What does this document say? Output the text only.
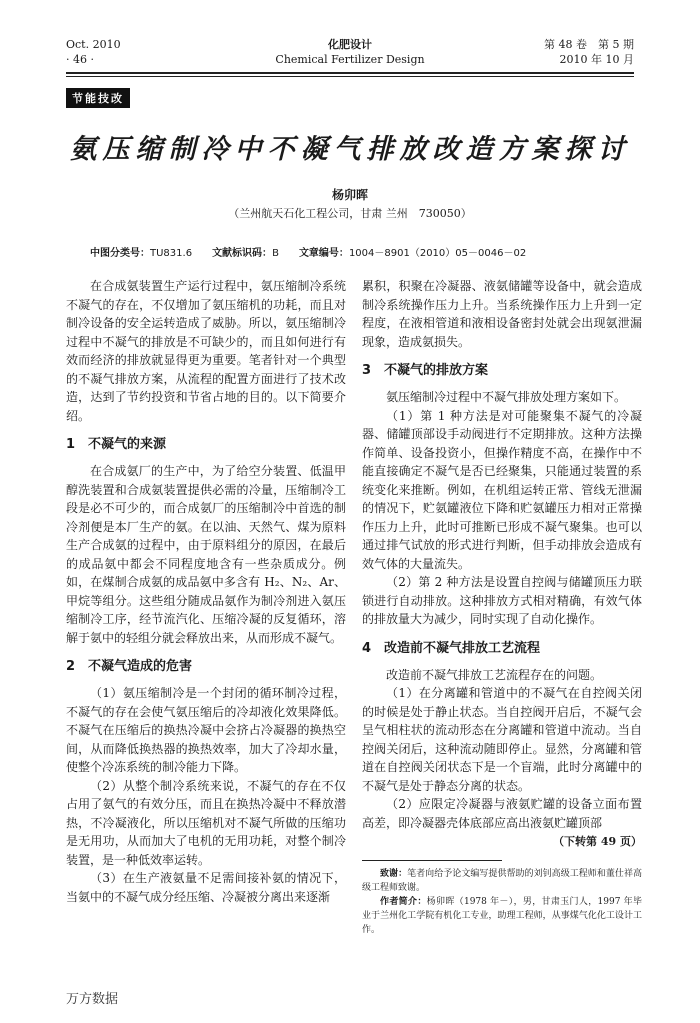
Oct. 2010
· 46 ·
化肥设计
Chemical Fertilizer Design
第 48 卷　第 5 期
2010 年 10 月
节能技改
氨压缩制冷中不凝气排放改造方案探讨
杨卯晖
（兰州航天石化工程公司，甘肃 兰州　730050）
中图分类号：TU831.6 文献标识码：B 文章编号：1004－8901（2010）05－0046－02

在合成氨装置生产运行过程中，氨压缩制冷系统不凝气的存在，不仅增加了氨压缩机的功耗，而且对制冷设备的安全运转造成了威胁。所以，氨压缩制冷过程中不凝气的排放是不可缺少的，而且如何进行有效而经济的排放就显得更为重要。笔者针对一个典型的不凝气排放方案，从流程的配置方面进行了技术改造，达到了节约投资和节省占地的目的。以下简要介绍。

1 不凝气的来源

在合成氨厂的生产中，为了给空分装置、低温甲醇洗装置和合成氨装置提供必需的冷量，压缩制冷工段是必不可少的，而合成氨厂的压缩制冷中首选的制冷剂便是本厂生产的氨。在以油、天然气、煤为原料生产合成氨的过程中，由于原料组分的原因，在最后的成品氨中都会不同程度地含有一些杂质成分。例如，在煤制合成氨的成品氨中多含有 H₂、N₂、Ar、甲烷等组分。这些组分随成品氨作为制冷剂进入氨压缩制冷工序，经节流汽化、压缩冷凝的反复循环，溶解于氨中的轻组分就会释放出来，从而形成不凝气。

2 不凝气造成的危害

（1）氨压缩制冷是一个封闭的循环制冷过程，不凝气的存在会使气氨压缩后的冷却液化效果降低。不凝气在压缩后的换热冷凝中会挤占冷凝器的换热空间，从而降低换热器的换热效率，加大了冷却水量，使整个冷冻系统的制冷能力下降。

（2）从整个制冷系统来说，不凝气的存在不仅占用了氨气的有效分压，而且在换热冷凝中不释放潜热，不冷凝液化，所以压缩机对不凝气所做的压缩功是无用功，从而加大了电机的无用功耗，对整个制冷装置，是一种低效率运转。

（3）在生产液氨量不足需间接补氨的情况下，当氨中的不凝气成分经压缩、冷凝被分离出来逐渐

累积，积聚在冷凝器、液氨储罐等设备中，就会造成制冷系统操作压力上升。当系统操作压力上升到一定程度，在液相管道和液相设备密封处就会出现氨泄漏现象，造成氨损失。

3 不凝气的排放方案

氨压缩制冷过程中不凝气排放处理方案如下。

（1）第 1 种方法是对可能聚集不凝气的冷凝器、储罐顶部设手动阀进行不定期排放。这种方法操作简单、设备投资小，但操作精度不高，在操作中不能直接确定不凝气是否已经聚集，只能通过装置的系统变化来推断。例如，在机组运转正常、管线无泄漏的情况下，贮氨罐液位下降和贮氨罐压力相对正常操作压力上升，此时可推断已形成不凝气聚集。也可以通过排气试放的形式进行判断，但手动排放会造成有效气体的大量流失。

（2）第 2 种方法是设置自控阀与储罐顶压力联锁进行自动排放。这种排放方式相对精确，有效气体的排放量大为减少，同时实现了自动化操作。

4 改造前不凝气排放工艺流程

改造前不凝气排放工艺流程存在的问题。

（1）在分离罐和管道中的不凝气在自控阀关闭的时候是处于静止状态。当自控阀开启后，不凝气会呈气相柱状的流动形态在分离罐和管道中流动。当自控阀关闭后，这种流动随即停止。显然，分离罐和管道在自控阀关闭状态下是一个盲端，此时分离罐中的不凝气是处于静态分离的状态。

（2）应限定冷凝器与液氨贮罐的设备立面布置高差，即冷凝器壳体底部应高出液氨贮罐顶部

（下转第 49 页）

致谢：笔者向给予论文编写提供帮助的刘钊高级工程师和董仕祥高级工程师致谢。

作者简介：杨卯晖（1978 年－），男，甘肃玉门人，1997 年毕业于兰州化工学院有机化工专业，助理工程师，从事煤气化化工设计工作。

万方数据
